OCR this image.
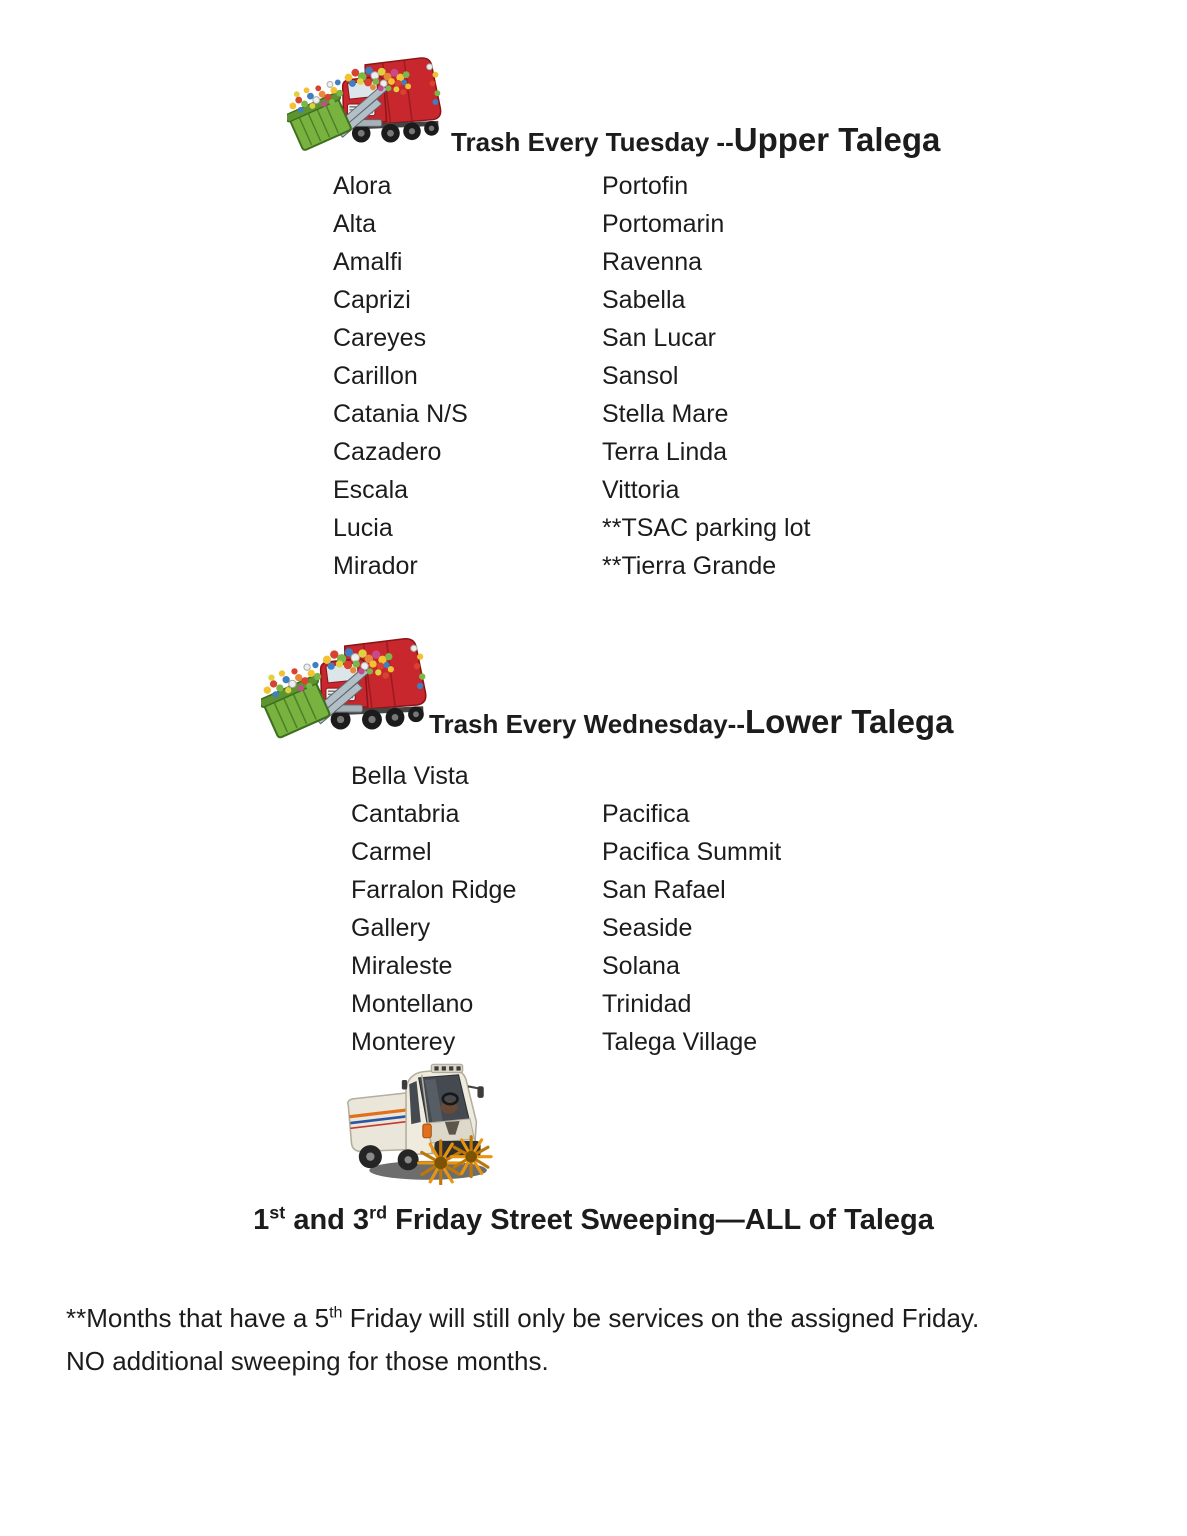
Trash Every Tuesday --Upper Talega
Alora	Portofin
Alta	Portomarin
Amalfi	Ravenna
Caprizi	Sabella
Careyes	San Lucar
Carillon	Sansol
Catania N/S	Stella Mare
Cazadero	Terra Linda
Escala	Vittoria
Lucia	**TSAC parking lot
Mirador	**Tierra Grande
Trash Every Wednesday--Lower Talega
Bella Vista
Cantabria	Pacifica
Carmel	Pacifica Summit
Farralon Ridge	San Rafael
Gallery	Seaside
Miraleste	Solana
Montellano	Trinidad
Monterey	Talega Village
1st and 3rd Friday Street Sweeping—ALL of Talega

**Months that have a 5th Friday will still only be services on the assigned Friday.
NO additional sweeping for those months.
